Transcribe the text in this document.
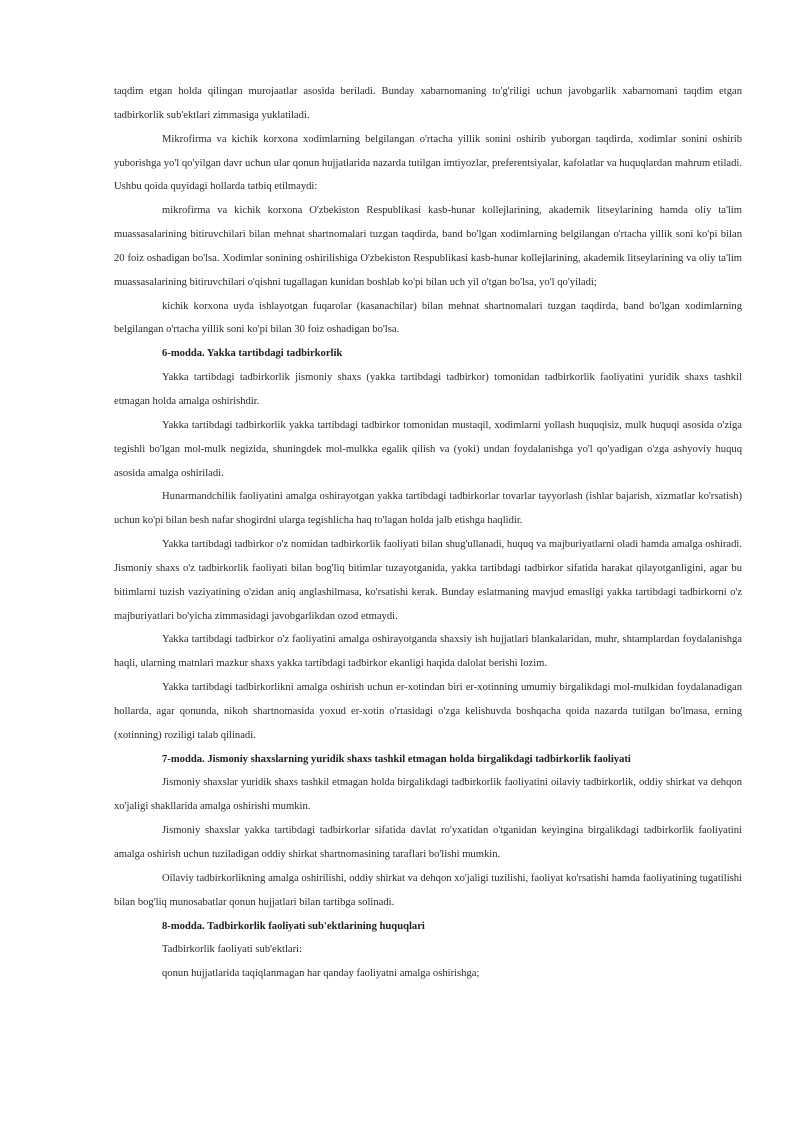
taqdim etgan holda qilingan murojaatlar asosida beriladi. Bunday xabarnomaning to'g'riligi uchun javobgarlik xabarnomani taqdim etgan tadbirkorlik sub'ektlari zimmasiga yuklatiladi.

Mikrofirma va kichik korxona xodimlarning belgilangan o'rtacha yillik sonini oshirib yuborgan taqdirda, xodimlar sonini oshirib yuborishga yo'l qo'yilgan davr uchun ular qonun hujjatlarida nazarda tutilgan imtiyozlar, preferentsiyalar, kafolatlar va huquqlardan mahrum etiladi. Ushbu qoida quyidagi hollarda tatbiq etilmaydi:

mikrofirma va kichik korxona O'zbekiston Respublikasi kasb-hunar kollejlarining, akademik litseylarining hamda oliy ta'lim muassasalarining bitiruvchilari bilan mehnat shartnomalari tuzgan taqdirda, band bo'lgan xodimlarning belgilangan o'rtacha yillik soni ko'pi bilan 20 foiz oshadigan bo'lsa. Xodimlar sonining oshirilishiga O'zbekiston Respublikasi kasb-hunar kollejlarining, akademik litseylarining va oliy ta'lim muassasalarining bitiruvchilari o'qishni tugallagan kunidan boshlab ko'pi bilan uch yil o'tgan bo'lsa, yo'l qo'yiladi;

kichik korxona uyda ishlayotgan fuqarolar (kasanachilar) bilan mehnat shartnomalari tuzgan taqdirda, band bo'lgan xodimlarning belgilangan o'rtacha yillik soni ko'pi bilan 30 foiz oshadigan bo'lsa.

6-modda. Yakka tartibdagi tadbirkorlik

Yakka tartibdagi tadbirkorlik jismoniy shaxs (yakka tartibdagi tadbirkor) tomonidan tadbirkorlik faoliyatini yuridik shaxs tashkil etmagan holda amalga oshirishdir.

Yakka tartibdagi tadbirkorlik yakka tartibdagi tadbirkor tomonidan mustaqil, xodimlarni yollash huquqisiz, mulk huquqi asosida o'ziga tegishli bo'lgan mol-mulk negizida, shuningdek mol-mulkka egalik qilish va (yoki) undan foydalanishga yo'l qo'yadigan o'zga ashyoviy huquq asosida amalga oshiriladi.

Hunarmandchilik faoliyatini amalga oshirayotgan yakka tartibdagi tadbirkorlar tovarlar tayyorlash (ishlar bajarish, xizmatlar ko'rsatish) uchun ko'pi bilan besh nafar shogirdni ularga tegishlicha haq to'lagan holda jalb etishga haqlidir.

Yakka tartibdagi tadbirkor o'z nomidan tadbirkorlik faoliyati bilan shug'ullanadi, huquq va majburiyatlarni oladi hamda amalga oshiradi. Jismoniy shaxs o'z tadbirkorlik faoliyati bilan bog'liq bitimlar tuzayotganida, yakka tartibdagi tadbirkor sifatida harakat qilayotganligini, agar bu bitimlarni tuzish vaziyatining o'zidan aniq anglashilmasa, ko'rsatishi kerak. Bunday eslatmaning mavjud emasligi yakka tartibdagi tadbirkorni o'z majburiyatlari bo'yicha zimmasidagi javobgarlikdan ozod etmaydi.

Yakka tartibdagi tadbirkor o'z faoliyatini amalga oshirayotganda shaxsiy ish hujjatlari blankalaridan, muhr, shtamplardan foydalanishga haqli, ularning matnlari mazkur shaxs yakka tartibdagi tadbirkor ekanligi haqida dalolat berishi lozim.

Yakka tartibdagi tadbirkorlikni amalga oshirish uchun er-xotindan biri er-xotinning umumiy birgalikdagi mol-mulkidan foydalanadigan hollarda, agar qonunda, nikoh shartnomasida yoxud er-xotin o'rtasidagi o'zga kelishuvda boshqacha qoida nazarda tutilgan bo'lmasa, erning (xotinning) roziligi talab qilinadi.

7-modda. Jismoniy shaxslarning yuridik shaxs tashkil etmagan holda birgalikdagi tadbirkorlik faoliyati

Jismoniy shaxslar yuridik shaxs tashkil etmagan holda birgalikdagi tadbirkorlik faoliyatini oilaviy tadbirkorlik, oddiy shirkat va dehqon xo'jaligi shakllarida amalga oshirishi mumkin.

Jismoniy shaxslar yakka tartibdagi tadbirkorlar sifatida davlat ro'yxatidan o'tganidan keyingina birgalikdagi tadbirkorlik faoliyatini amalga oshirish uchun tuziladigan oddiy shirkat shartnomasining taraflari bo'lishi mumkin.

Oilaviy tadbirkorlikning amalga oshirilishi, oddiy shirkat va dehqon xo'jaligi tuzilishi, faoliyat ko'rsatishi hamda faoliyatining tugatilishi bilan bog'liq munosabatlar qonun hujjatlari bilan tartibga solinadi.

8-modda. Tadbirkorlik faoliyati sub'ektlarining huquqlari

Tadbirkorlik faoliyati sub'ektlari:

qonun hujjatlarida taqiqlanmagan har qanday faoliyatni amalga oshirishga;
